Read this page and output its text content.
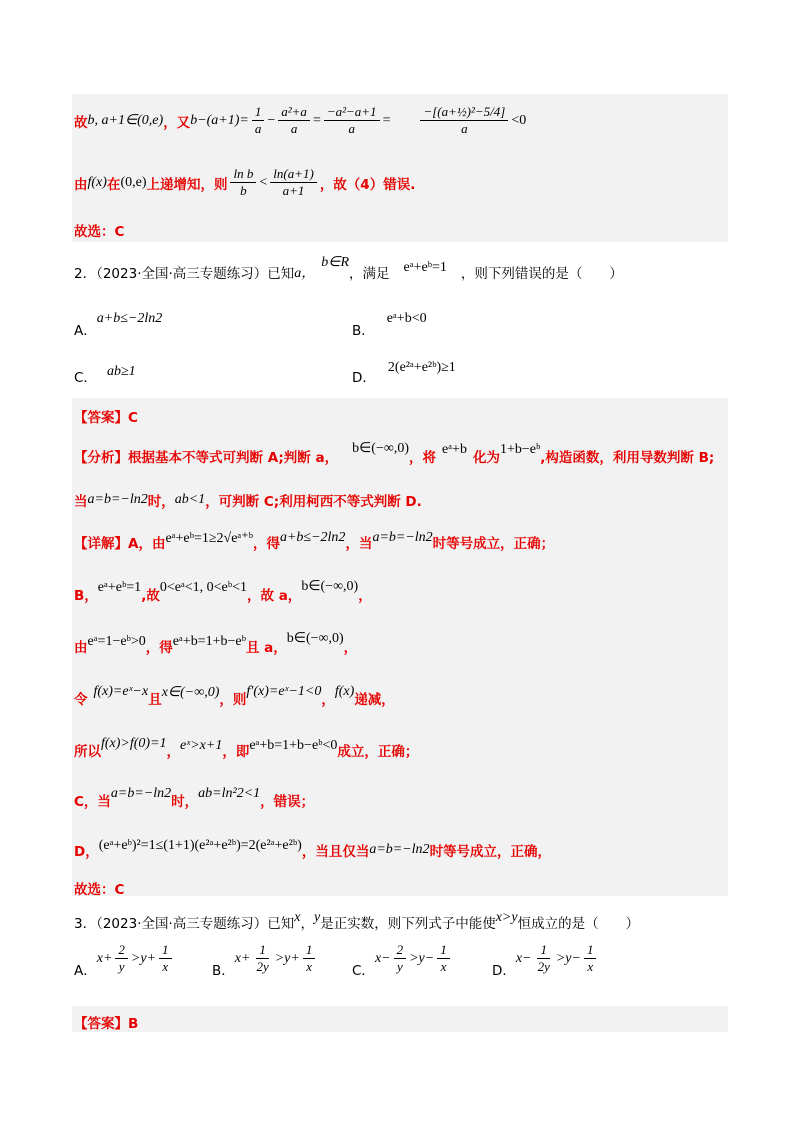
故 b, a+1∈(0,e) ，又 $b-(a+1)= \frac{1}{a} - \frac{\text{a²+a}}{a} = \frac{\text{−a²−a+1}}{a} = \frac{\text{−[(a+½)²−5/4]}}{a} <0$
由 f(x) 在 (0,e) 上递增知，则 $\frac{\text{ln b}}{b} < \frac{\ln(a+1)}{a+1}$ ，故（4）错误.
故选：C
2．（2023·全国·高三专题练习）已知 a，
b∈R
，满足 eᵃ+eᵇ=1 ，则下列错误的是（　　）
A．
a+b≤−2ln2
B．
eᵃ+b<0
C． ab≥1	D．
2(e²ᵃ+e²ᵇ)≥1
【答案】C
【分析】根据基本不等式可判断 A;判断 a，
b∈(−∞,0)
，将
eᵃ+b
化为
1+b−eᵇ
,构造函数，利用导数判断 B;
当 a=b=−ln2 时， ab<1 ，可判断 C;利用柯西不等式判断 D.
【详解】A，由 eᵃ+eᵇ=1≥2√eᵃ⁺ᵇ ，得 a+b≤−2ln2 ，当 a=b=−ln2 时等号成立，正确；
B，
eᵃ+eᵇ=1
,故
0<eᵃ<1, 0<eᵇ<1
，故 a，
b∈(−∞,0)
，
由 eᵃ=1−eᵇ>0 ，得 eᵃ+b=1+b−eᵇ 且 a，
b∈(−∞,0)
，
令
f(x)=eˣ−x
且 x∈(−∞,0) ，则
f′(x)=eˣ−1<0
，
f(x)
递减，
所以
f(x)>f(0)=1
， eˣ>x+1 ，即 eᵃ+b=1+b−eᵇ<0 成立，正确；
C，当
a=b=−ln2
时，
ab=ln²2<1
，错误；
D， (eᵃ+eᵇ)²=1≤(1+1)(e²ᵃ+e²ᵇ)=2(e²ᵃ+e²ᵇ) ，当且仅当 a=b=−ln2 时等号成立，正确，
故选：C
3．（2023·全国·高三专题练习）已知 x ， y 是正实数，则下列式子中能使 x>y 恒成立的是（　　）
A．
$x+ \frac{2}{y} >y+ \frac{1}{x}$	B．
$x+ \frac{1}{2y} >y+ \frac{1}{x}$	C．
$x- \frac{2}{y} >y- \frac{1}{x}$	D．
$x- \frac{1}{2y} >y- \frac{1}{x}$
【答案】B
